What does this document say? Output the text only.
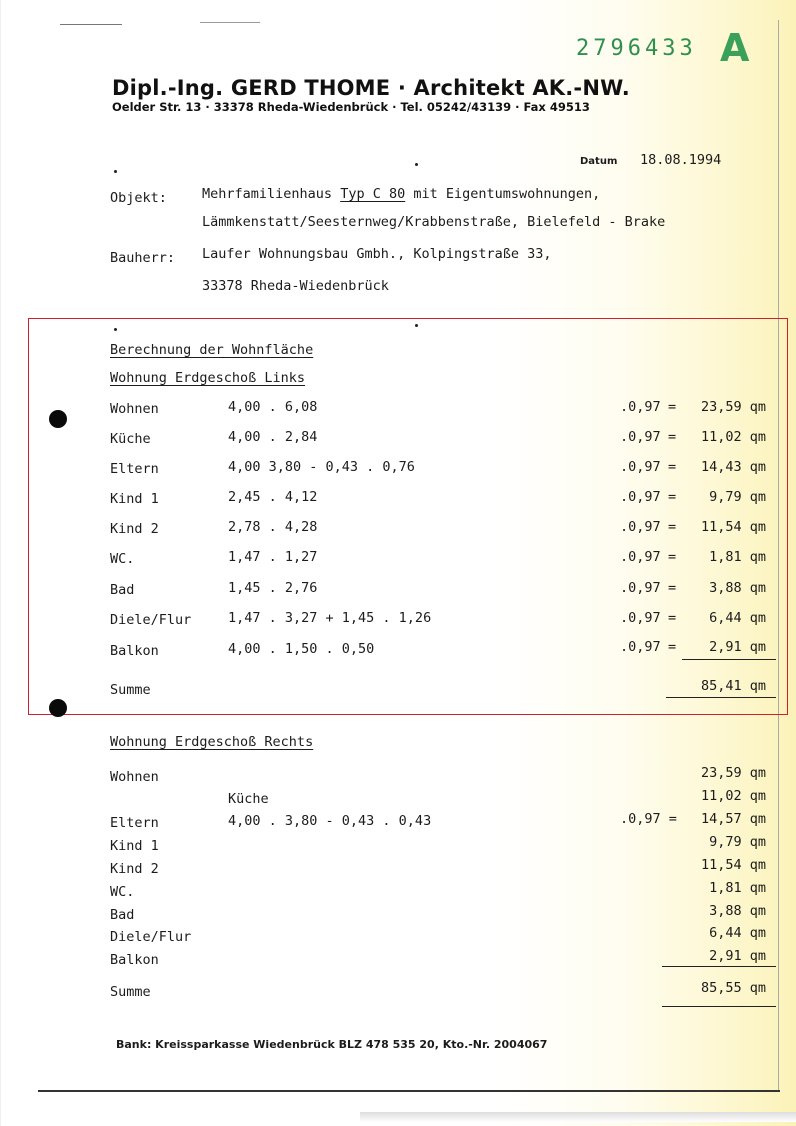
2796433 A
Dipl.-Ing. GERD THOME · Architekt AK.-NW.
Oelder Str. 13 · 33378 Rheda-Wiedenbrück · Tel. 05242/43139 · Fax 49513
Datum 18.08.1994
Objekt:	Mehrfamilienhaus Typ C 80 mit Eigentumswohnungen,
Lämmkenstatt/Seesternweg/Krabbenstraße, Bielefeld - Brake
Bauherr: Laufer Wohnungsbau Gmbh., Kolpingstraße 33,
33378 Rheda-Wiedenbrück
Berechnung der Wohnfläche
Wohnung Erdgeschoß Links
Wohnen	4,00 . 6,08	.0,97 =	23,59 qm
Küche	4,00 . 2,84	.0,97 =	11,02 qm
Eltern	4,00 3,80 - 0,43 . 0,76	.0,97 =	14,43 qm
Kind 1	2,45 . 4,12	.0,97 =	9,79 qm
Kind 2	2,78 . 4,28	.0,97 =	11,54 qm
WC.	1,47 . 1,27	.0,97 =	1,81 qm
Bad	1,45 . 2,76	.0,97 =	3,88 qm
Diele/Flur	1,47 . 3,27 + 1,45 . 1,26	.0,97 =	6,44 qm
Balkon	4,00 . 1,50 . 0,50	.0,97 =	2,91 qm
Summe	85,41 qm
Wohnung Erdgeschoß Rechts
Wohnen	23,59 qm
Küche	11,02 qm
Eltern	4,00 . 3,80 - 0,43 . 0,43	.0,97 =	14,57 qm
Kind 1	9,79 qm
Kind 2	11,54 qm
WC.	1,81 qm
Bad	3,88 qm
Diele/Flur	6,44 qm
Balkon	2,91 qm
Summe	85,55 qm
Bank: Kreissparkasse Wiedenbrück BLZ 478 535 20, Kto.-Nr. 2004067
